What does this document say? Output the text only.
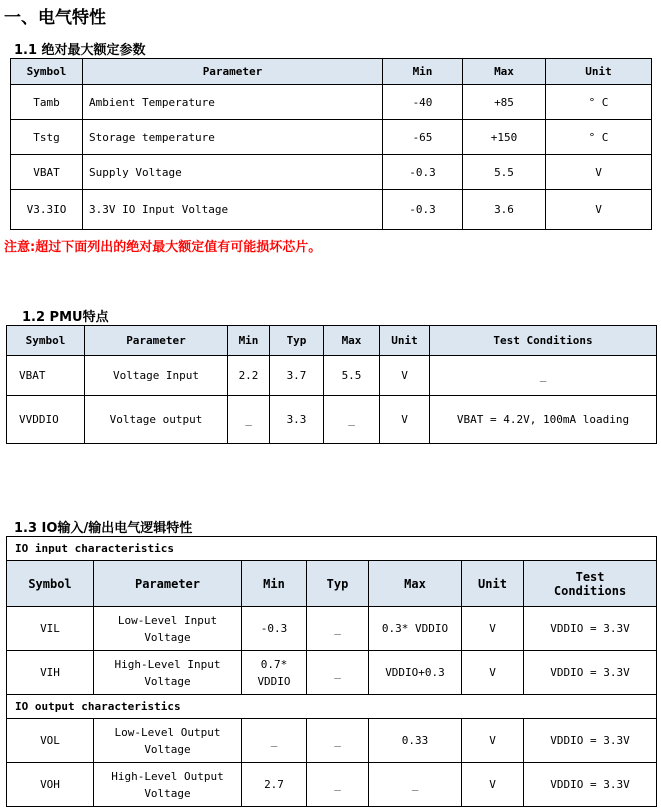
一、电气特性
1.1 绝对最大额定参数
Symbol	Parameter	Min	Max	Unit
Tamb	Ambient Temperature	-40	+85	° C
Tstg	Storage temperature	-65	+150	° C
VBAT	Supply Voltage	-0.3	5.5	V
V3.3IO	3.3V IO Input Voltage	-0.3	3.6	V
注意:超过下面列出的绝对最大额定值有可能损坏芯片。
1.2 PMU特点
Symbol	Parameter	Min	Typ	Max	Unit	Test Conditions
VBAT	Voltage Input	2.2	3.7	5.5	V	_
VVDDIO	Voltage output	_	3.3	_	V	VBAT = 4.2V, 100mA loading
1.3 IO输入/输出电气逻辑特性
IO input characteristics						
Symbol	Parameter	Min	Typ	Max	Unit	Test Conditions
VIL	Low-Level Input Voltage	-0.3	_	0.3* VDDIO	V	VDDIO = 3.3V
VIH	High-Level Input Voltage	0.7* VDDIO	_	VDDIO+0.3	V	VDDIO = 3.3V
IO output characteristics						
VOL	Low-Level Output Voltage	_	_	0.33	V	VDDIO = 3.3V
VOH	High-Level Output Voltage	2.7	_	_	V	VDDIO = 3.3V
